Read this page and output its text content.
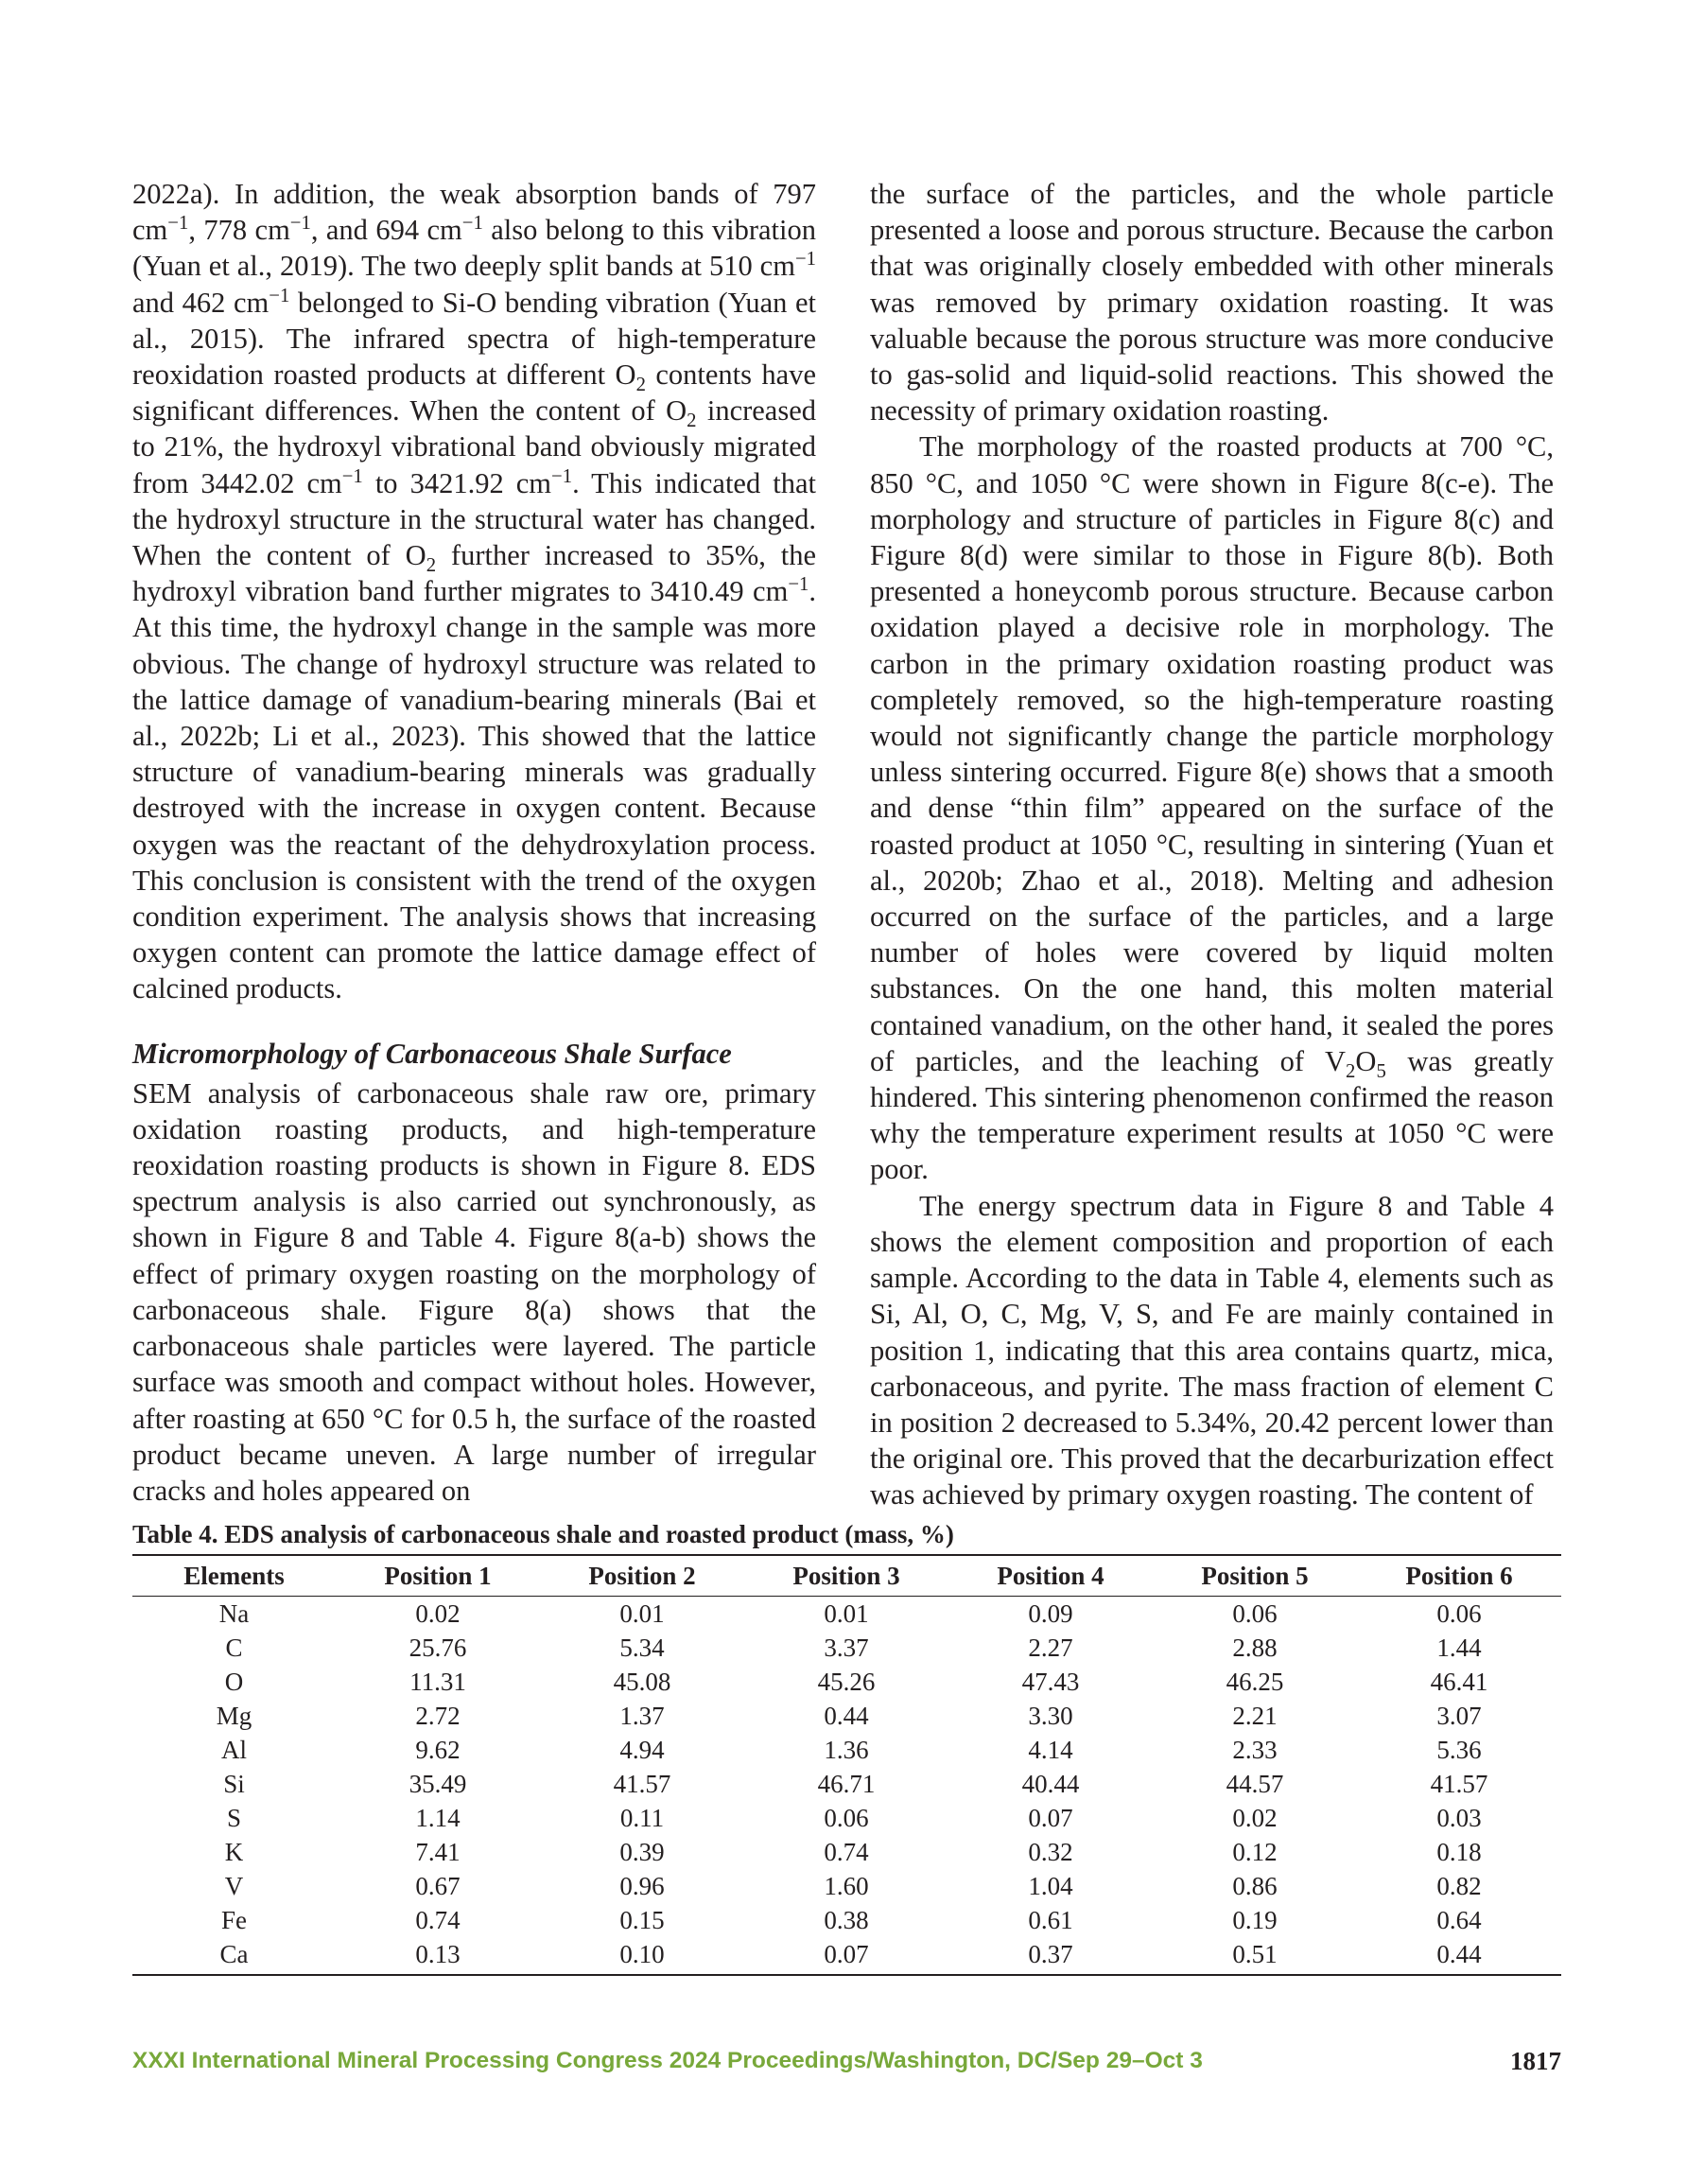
2022a). In addition, the weak absorption bands of 797 $cm^{-1}$, 778 $cm^{-1}$, and 694 $cm^{-1}$ also belong to this vibration (Yuan et al., 2019). The two deeply split bands at 510 $cm^{-1}$ and 462 $cm^{-1}$ belonged to Si-O bending vibration (Yuan et al., 2015). The infrared spectra of high-temperature reoxidation roasted products at different $O_2$ contents have significant differences. When the content of $O_2$ increased to 21%, the hydroxyl vibrational band obviously migrated from 3442.02 $cm^{-1}$ to 3421.92 $cm^{-1}$. This indicated that the hydroxyl structure in the structural water has changed. When the content of $O_2$ further increased to 35%, the hydroxyl vibration band further migrates to 3410.49 $cm^{-1}$. At this time, the hydroxyl change in the sample was more obvious. The change of hydroxyl structure was related to the lattice damage of vanadium-bearing minerals (Bai et al., 2022b; Li et al., 2023). This showed that the lattice structure of vanadium-bearing minerals was gradually destroyed with the increase in oxygen content. Because oxygen was the reactant of the dehydroxylation process. This conclusion is consistent with the trend of the oxygen condition experiment. The analysis shows that increasing oxygen content can promote the lattice damage effect of calcined products.

Micromorphology of Carbonaceous Shale Surface

SEM analysis of carbonaceous shale raw ore, primary oxidation roasting products, and high-temperature reoxidation roasting products is shown in Figure 8. EDS spectrum analysis is also carried out synchronously, as shown in Figure 8 and Table 4. Figure 8(a-b) shows the effect of primary oxygen roasting on the morphology of carbonaceous shale. Figure 8(a) shows that the carbonaceous shale particles were layered. The particle surface was smooth and compact without holes. However, after roasting at 650 °C for 0.5 h, the surface of the roasted product became uneven. A large number of irregular cracks and holes appeared on

the surface of the particles, and the whole particle presented a loose and porous structure. Because the carbon that was originally closely embedded with other minerals was removed by primary oxidation roasting. It was valuable because the porous structure was more conducive to gas-solid and liquid-solid reactions. This showed the necessity of primary oxidation roasting.

The morphology of the roasted products at 700 °C, 850 °C, and 1050 °C were shown in Figure 8(c-e). The morphology and structure of particles in Figure 8(c) and Figure 8(d) were similar to those in Figure 8(b). Both presented a honeycomb porous structure. Because carbon oxidation played a decisive role in morphology. The carbon in the primary oxidation roasting product was completely removed, so the high-temperature roasting would not significantly change the particle morphology unless sintering occurred. Figure 8(e) shows that a smooth and dense “thin film” appeared on the surface of the roasted product at 1050 °C, resulting in sintering (Yuan et al., 2020b; Zhao et al., 2018). Melting and adhesion occurred on the surface of the particles, and a large number of holes were covered by liquid molten substances. On the one hand, this molten material contained vanadium, on the other hand, it sealed the pores of particles, and the leaching of $V_2O_5$ was greatly hindered. This sintering phenomenon confirmed the reason why the temperature experiment results at 1050 °C were poor.

The energy spectrum data in Figure 8 and Table 4 shows the element composition and proportion of each sample. According to the data in Table 4, elements such as Si, Al, O, C, Mg, V, S, and Fe are mainly contained in position 1, indicating that this area contains quartz, mica, carbonaceous, and pyrite. The mass fraction of element C in position 2 decreased to 5.34%, 20.42 percent lower than the original ore. This proved that the decarburization effect was achieved by primary oxygen roasting. The content of

Table 4. EDS analysis of carbonaceous shale and roasted product (mass, %)
Elements	Position 1	Position 2	Position 3	Position 4	Position 5	Position 6
Na	0.02	0.01	0.01	0.09	0.06	0.06
C	25.76	5.34	3.37	2.27	2.88	1.44
O	11.31	45.08	45.26	47.43	46.25	46.41
Mg	2.72	1.37	0.44	3.30	2.21	3.07
Al	9.62	4.94	1.36	4.14	2.33	5.36
Si	35.49	41.57	46.71	40.44	44.57	41.57
S	1.14	0.11	0.06	0.07	0.02	0.03
K	7.41	0.39	0.74	0.32	0.12	0.18
V	0.67	0.96	1.60	1.04	0.86	0.82
Fe	0.74	0.15	0.38	0.61	0.19	0.64
Ca	0.13	0.10	0.07	0.37	0.51	0.44
XXXI International Mineral Processing Congress 2024 Proceedings/Washington, DC/Sep 29–Oct 3	1817
